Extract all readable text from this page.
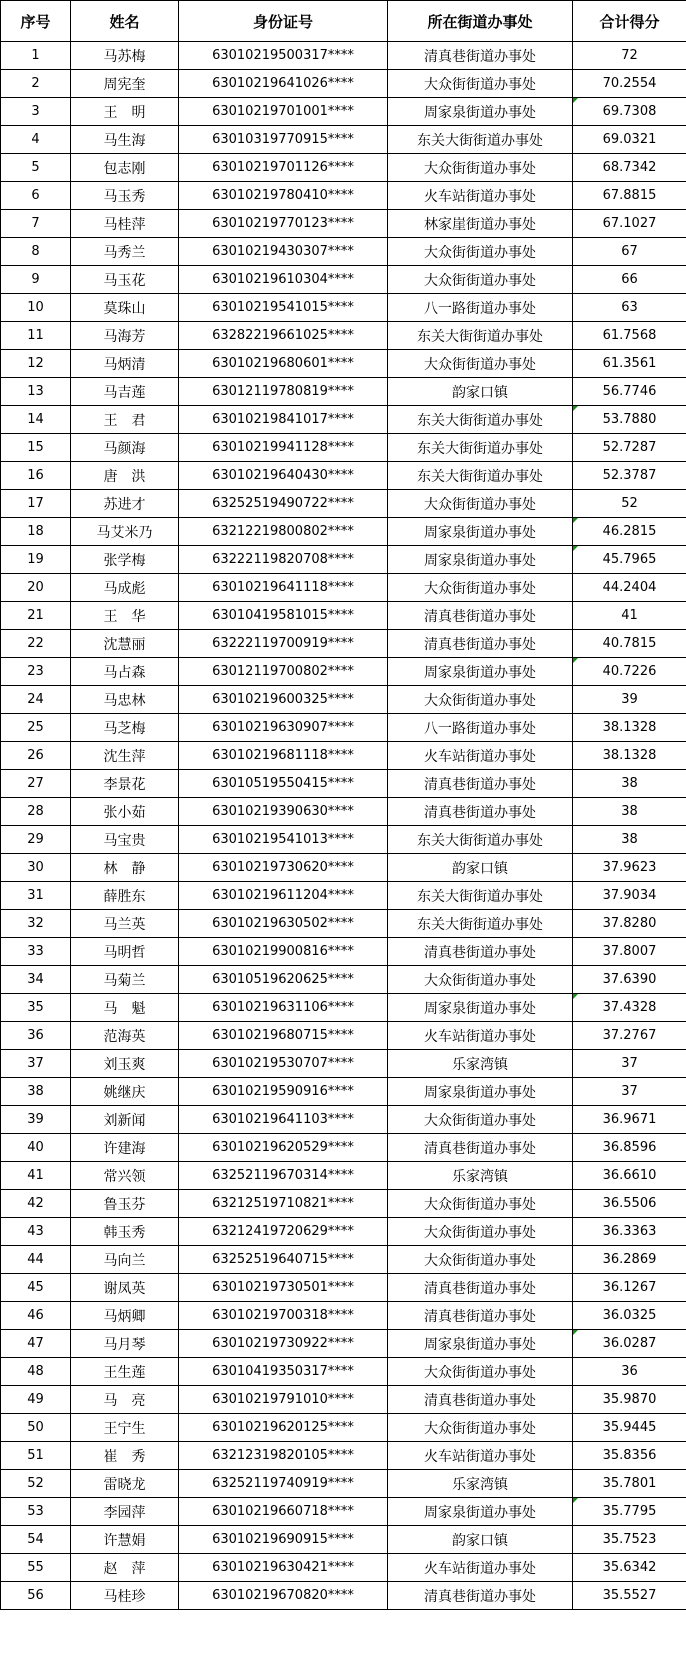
序号	姓名	身份证号	所在街道办事处	合计得分
1	马苏梅	63010219500317****	清真巷街道办事处	72
2	周宪奎	63010219641026****	大众街街道办事处	70.2554
3	王　明	63010219701001****	周家泉街道办事处	69.7308
4	马生海	63010319770915****	东关大街街道办事处	69.0321
5	包志刚	63010219701126****	大众街街道办事处	68.7342
6	马玉秀	63010219780410****	火车站街道办事处	67.8815
7	马桂萍	63010219770123****	林家崖街道办事处	67.1027
8	马秀兰	63010219430307****	大众街街道办事处	67
9	马玉花	63010219610304****	大众街街道办事处	66
10	莫珠山	63010219541015****	八一路街道办事处	63
11	马海芳	63282219661025****	东关大街街道办事处	61.7568
12	马炳清	63010219680601****	大众街街道办事处	61.3561
13	马吉莲	63012119780819****	韵家口镇	56.7746
14	王　君	63010219841017****	东关大街街道办事处	53.7880
15	马颜海	63010219941128****	东关大街街道办事处	52.7287
16	唐　洪	63010219640430****	东关大街街道办事处	52.3787
17	苏进才	63252519490722****	大众街街道办事处	52
18	马艾米乃	63212219800802****	周家泉街道办事处	46.2815
19	张学梅	63222119820708****	周家泉街道办事处	45.7965
20	马成彪	63010219641118****	大众街街道办事处	44.2404
21	王　华	63010419581015****	清真巷街道办事处	41
22	沈慧丽	63222119700919****	清真巷街道办事处	40.7815
23	马占森	63012119700802****	周家泉街道办事处	40.7226
24	马忠林	63010219600325****	大众街街道办事处	39
25	马芝梅	63010219630907****	八一路街道办事处	38.1328
26	沈生萍	63010219681118****	火车站街道办事处	38.1328
27	李景花	63010519550415****	清真巷街道办事处	38
28	张小茹	63010219390630****	清真巷街道办事处	38
29	马宝贵	63010219541013****	东关大街街道办事处	38
30	林　静	63010219730620****	韵家口镇	37.9623
31	薛胜东	63010219611204****	东关大街街道办事处	37.9034
32	马兰英	63010219630502****	东关大街街道办事处	37.8280
33	马明哲	63010219900816****	清真巷街道办事处	37.8007
34	马菊兰	63010519620625****	大众街街道办事处	37.6390
35	马　魁	63010219631106****	周家泉街道办事处	37.4328
36	范海英	63010219680715****	火车站街道办事处	37.2767
37	刘玉爽	63010219530707****	乐家湾镇	37
38	姚继庆	63010219590916****	周家泉街道办事处	37
39	刘新闻	63010219641103****	大众街街道办事处	36.9671
40	许建海	63010219620529****	清真巷街道办事处	36.8596
41	常兴领	63252119670314****	乐家湾镇	36.6610
42	鲁玉芬	63212519710821****	大众街街道办事处	36.5506
43	韩玉秀	63212419720629****	大众街街道办事处	36.3363
44	马向兰	63252519640715****	大众街街道办事处	36.2869
45	谢凤英	63010219730501****	清真巷街道办事处	36.1267
46	马炳卿	63010219700318****	清真巷街道办事处	36.0325
47	马月琴	63010219730922****	周家泉街道办事处	36.0287
48	王生莲	63010419350317****	大众街街道办事处	36
49	马　亮	63010219791010****	清真巷街道办事处	35.9870
50	王宁生	63010219620125****	大众街街道办事处	35.9445
51	崔　秀	63212319820105****	火车站街道办事处	35.8356
52	雷晓龙	63252119740919****	乐家湾镇	35.7801
53	李园萍	63010219660718****	周家泉街道办事处	35.7795
54	许慧娟	63010219690915****	韵家口镇	35.7523
55	赵　萍	63010219630421****	火车站街道办事处	35.6342
56	马桂珍	63010219670820****	清真巷街道办事处	35.5527
